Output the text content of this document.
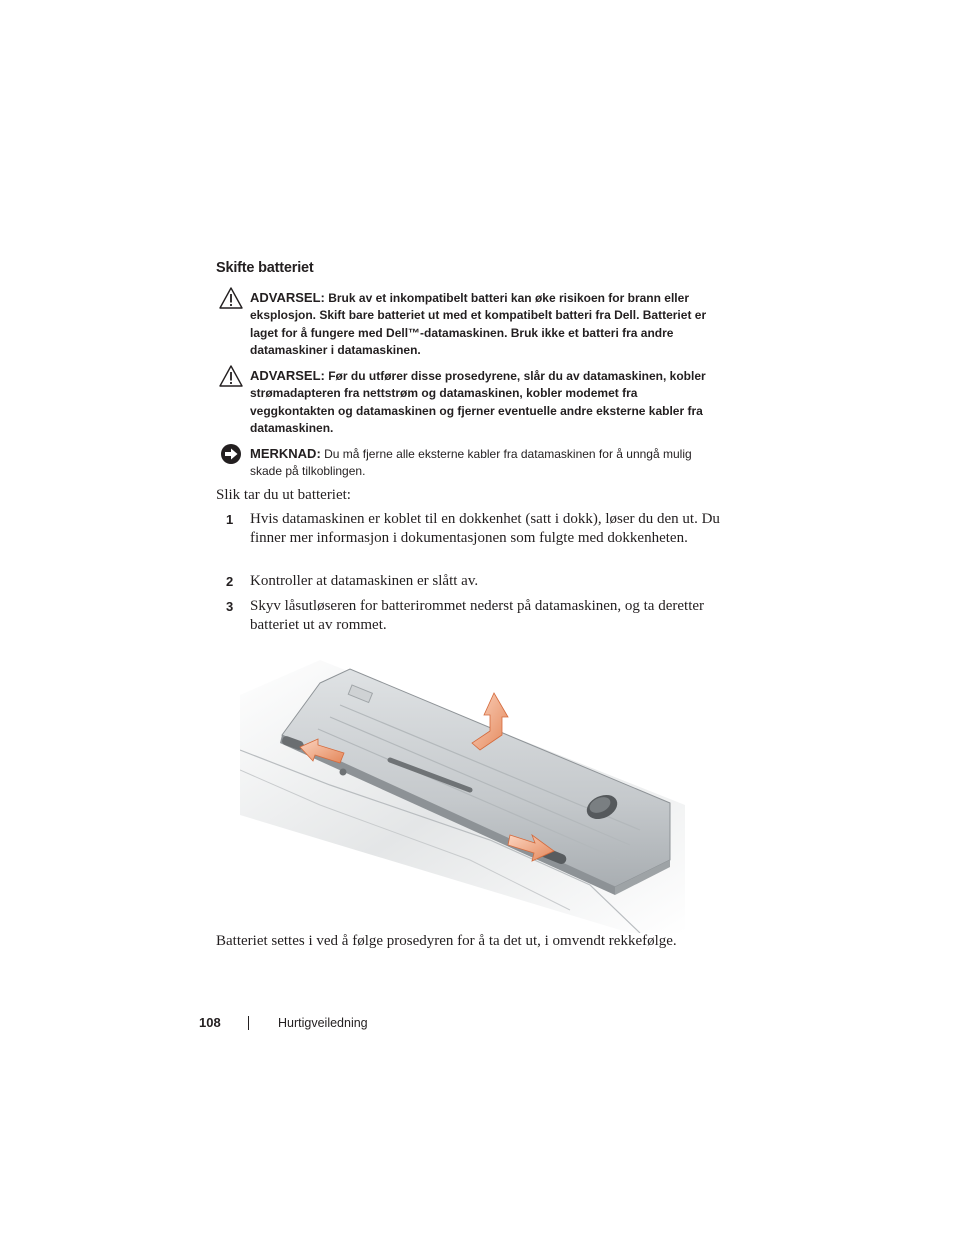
Skifte batteriet
ADVARSEL: Bruk av et inkompatibelt batteri kan øke risikoen for brann eller eksplosjon. Skift bare batteriet ut med et kompatibelt batteri fra Dell. Batteriet er laget for å fungere med Dell™-datamaskinen. Bruk ikke et batteri fra andre datamaskiner i datamaskinen.
ADVARSEL: Før du utfører disse prosedyrene, slår du av datamaskinen, kobler strømadapteren fra nettstrøm og datamaskinen, kobler modemet fra veggkontakten og datamaskinen og fjerner eventuelle andre eksterne kabler fra datamaskinen.
MERKNAD: Du må fjerne alle eksterne kabler fra datamaskinen for å unngå mulig skade på tilkoblingen.
Slik tar du ut batteriet:
1 Hvis datamaskinen er koblet til en dokkenhet (satt i dokk), løser du den ut. Du finner mer informasjon i dokumentasjonen som fulgte med dokkenheten.
2 Kontroller at datamaskinen er slått av.
3 Skyv låsutløseren for batterirommet nederst på datamaskinen, og ta deretter batteriet ut av rommet.
Batteriet settes i ved å følge prosedyren for å ta det ut, i omvendt rekkefølge.
108	Hurtigveiledning
